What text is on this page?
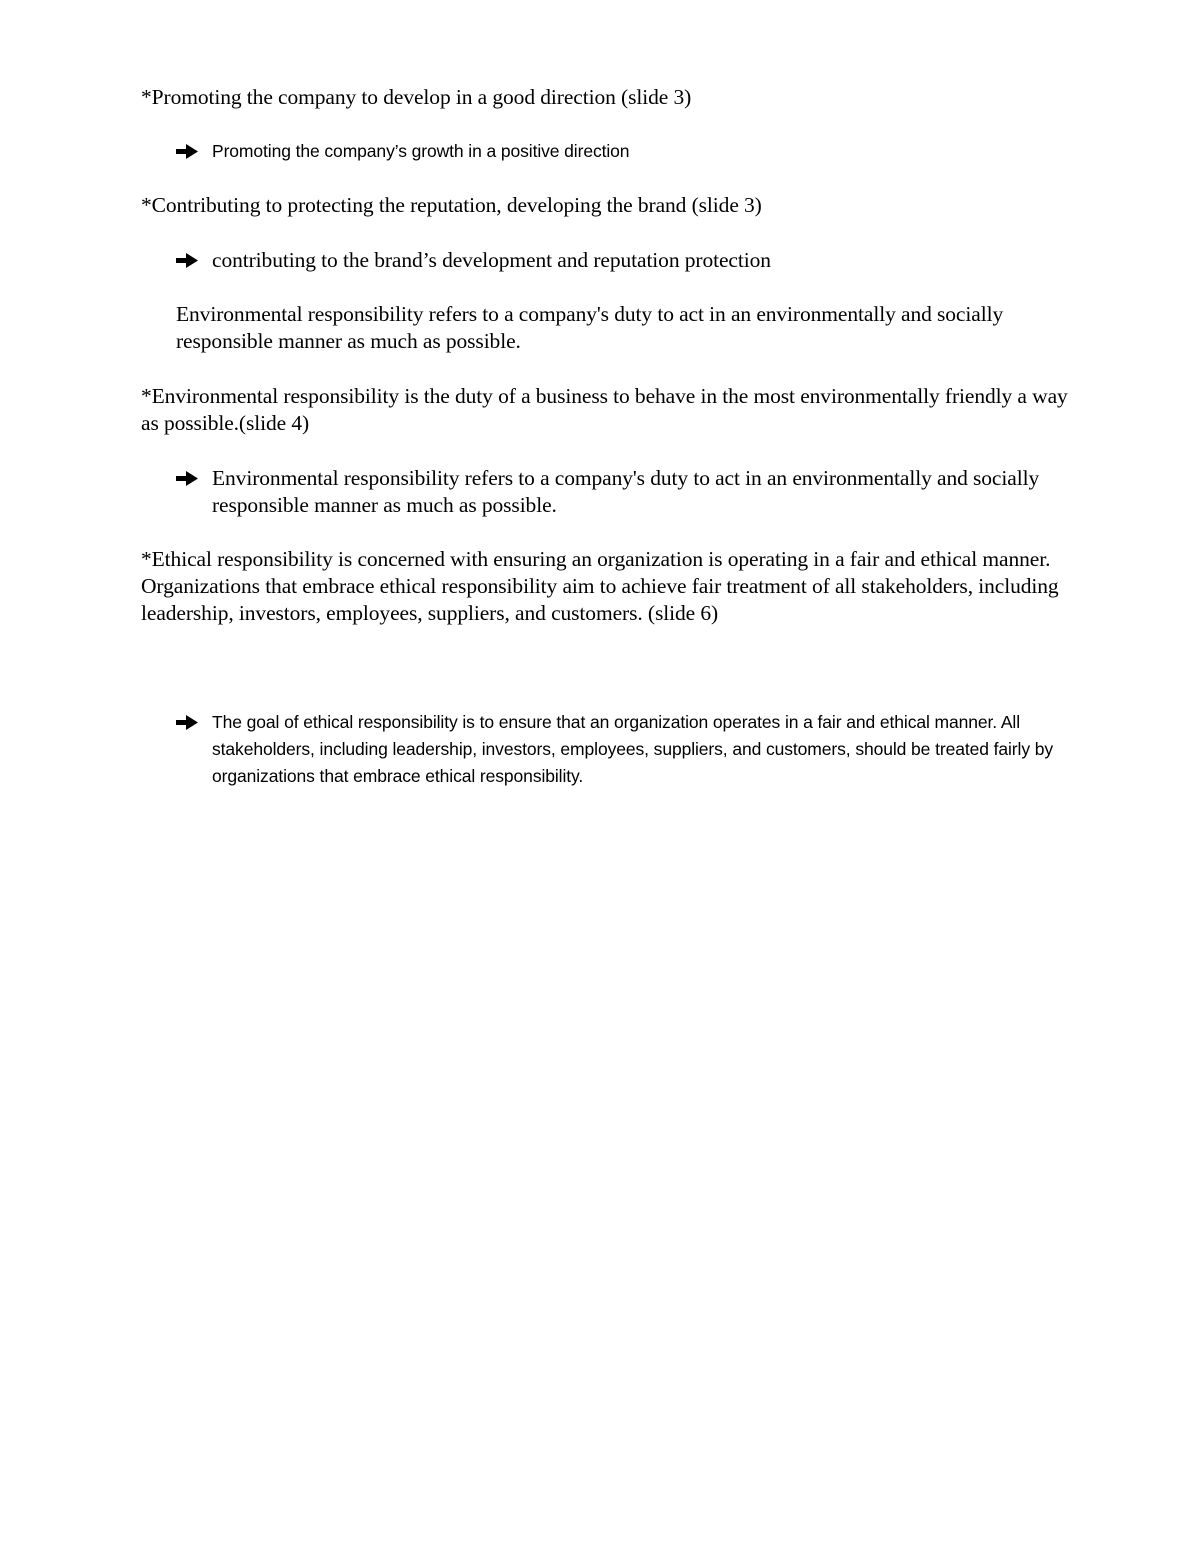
*Promoting the company to develop in a good direction (slide 3)

Promoting the company’s growth in a positive direction

*Contributing to protecting the reputation, developing the brand (slide 3)

contributing to the brand’s development and reputation protection

Environmental responsibility refers to a company's duty to act in an environmentally and socially responsible manner as much as possible.

*Environmental responsibility is the duty of a business to behave in the most environmentally friendly a way as possible.(slide 4)

Environmental responsibility refers to a company's duty to act in an environmentally and socially responsible manner as much as possible.

*Ethical responsibility is concerned with ensuring an organization is operating in a fair and ethical manner. Organizations that embrace ethical responsibility aim to achieve fair treatment of all stakeholders, including leadership, investors, employees, suppliers, and customers. (slide 6)

The goal of ethical responsibility is to ensure that an organization operates in a fair and ethical manner. All stakeholders, including leadership, investors, employees, suppliers, and customers, should be treated fairly by organizations that embrace ethical responsibility.
